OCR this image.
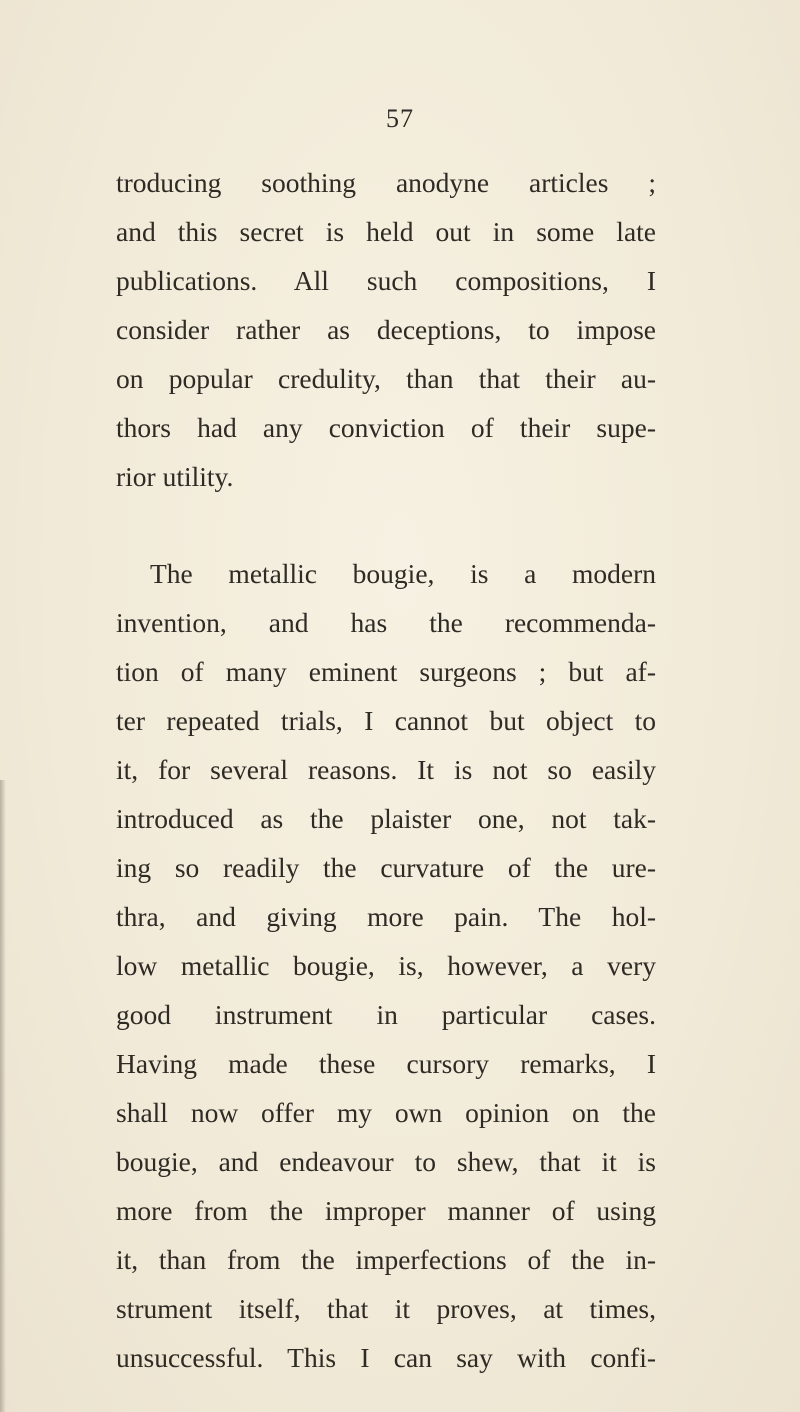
57
troducing soothing anodyne articles ;
and this secret is held out in some late
publications. All such compositions, I
consider rather as deceptions, to impose
on popular credulity, than that their au-
thors had any conviction of their supe-
rior utility.
The metallic bougie, is a modern
invention, and has the recommenda-
tion of many eminent surgeons ; but af-
ter repeated trials, I cannot but object to
it, for several reasons. It is not so easily
introduced as the plaister one, not tak-
ing so readily the curvature of the ure-
thra, and giving more pain. The hol-
low metallic bougie, is, however, a very
good instrument in particular cases.
Having made these cursory remarks, I
shall now offer my own opinion on the
bougie, and endeavour to shew, that it is
more from the improper manner of using
it, than from the imperfections of the in-
strument itself, that it proves, at times,
unsuccessful. This I can say with confi-
